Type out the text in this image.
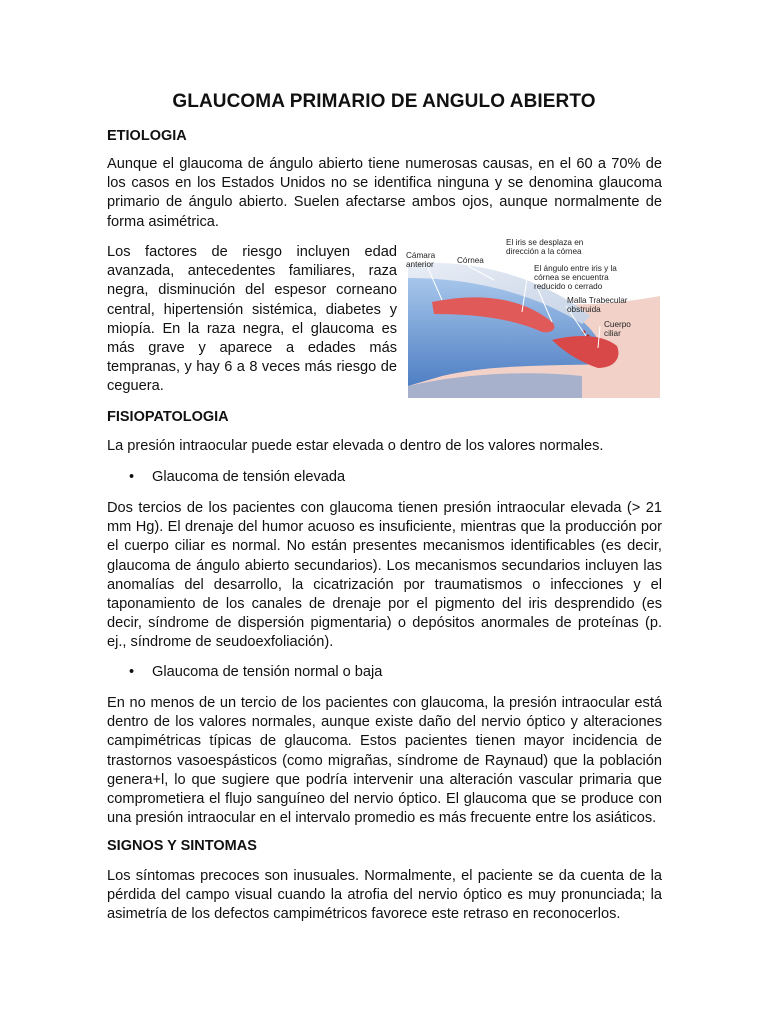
GLAUCOMA PRIMARIO DE ANGULO ABIERTO
ETIOLOGIA
Aunque el glaucoma de ángulo abierto tiene numerosas causas, en el 60 a 70% de los casos en los Estados Unidos no se identifica ninguna y se denomina glaucoma primario de ángulo abierto. Suelen afectarse ambos ojos, aunque normalmente de forma asimétrica.
Los factores de riesgo incluyen edad avanzada, antecedentes familiares, raza negra, disminución del espesor corneano central, hipertensión sistémica, diabetes y miopía. En la raza negra, el glaucoma es más grave y aparece a edades más tempranas, y hay 6 a 8 veces más riesgo de ceguera.
Cámara
anterior	Córnea
El iris se desplaza en
dirección a la córnea
El ángulo entre iris y la
córnea se encuentra
reducido o cerrado
Malla Trabecular
obstruida
Cuerpo
ciliar
FISIOPATOLOGIA
La presión intraocular puede estar elevada o dentro de los valores normales.
• Glaucoma de tensión elevada
Dos tercios de los pacientes con glaucoma tienen presión intraocular elevada (> 21 mm Hg). El drenaje del humor acuoso es insuficiente, mientras que la producción por el cuerpo ciliar es normal. No están presentes mecanismos identificables (es decir, glaucoma de ángulo abierto secundarios). Los mecanismos secundarios incluyen las anomalías del desarrollo, la cicatrización por traumatismos o infecciones y el taponamiento de los canales de drenaje por el pigmento del iris desprendido (es decir, síndrome de dispersión pigmentaria) o depósitos anormales de proteínas (p. ej., síndrome de seudoexfoliación).
• Glaucoma de tensión normal o baja
En no menos de un tercio de los pacientes con glaucoma, la presión intraocular está dentro de los valores normales, aunque existe daño del nervio óptico y alteraciones campimétricas típicas de glaucoma. Estos pacientes tienen mayor incidencia de trastornos vasoespásticos (como migrañas, síndrome de Raynaud) que la población genera+l, lo que sugiere que podría intervenir una alteración vascular primaria que comprometiera el flujo sanguíneo del nervio óptico. El glaucoma que se produce con una presión intraocular en el intervalo promedio es más frecuente entre los asiáticos.
SIGNOS Y SINTOMAS
Los síntomas precoces son inusuales. Normalmente, el paciente se da cuenta de la pérdida del campo visual cuando la atrofia del nervio óptico es muy pronunciada; la asimetría de los defectos campimétricos favorece este retraso en reconocerlos.
